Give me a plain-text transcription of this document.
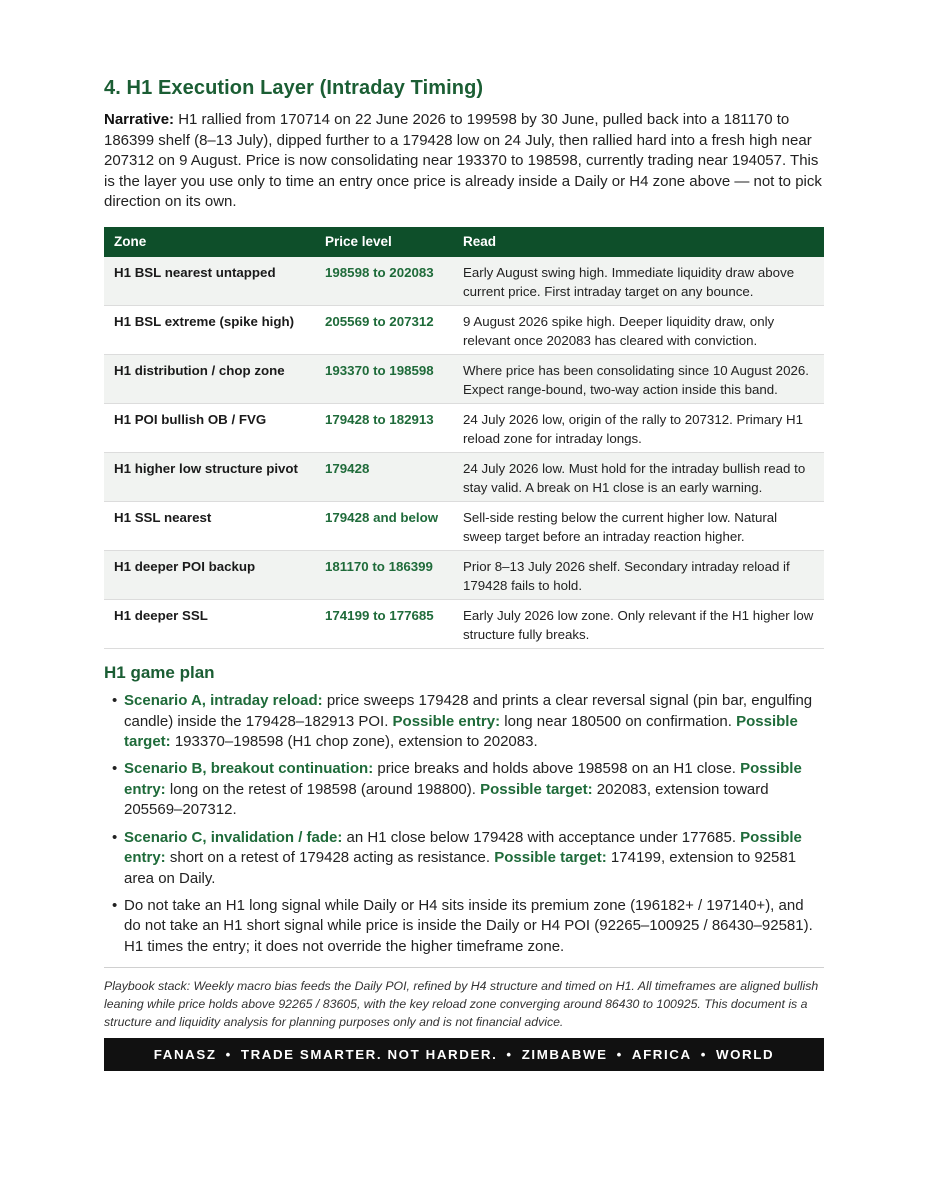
4. H1 Execution Layer (Intraday Timing)

Narrative: H1 rallied from 170714 on 22 June 2026 to 199598 by 30 June, pulled back into a 181170 to 186399 shelf (8–13 July), dipped further to a 179428 low on 24 July, then rallied hard into a fresh high near 207312 on 9 August. Price is now consolidating near 193370 to 198598, currently trading near 194057. This is the layer you use only to time an entry once price is already inside a Daily or H4 zone above — not to pick direction on its own.

Zone	Price level	Read
H1 BSL nearest untapped	198598 to 202083	Early August swing high. Immediate liquidity draw above current price. First intraday target on any bounce.
H1 BSL extreme (spike high)	205569 to 207312	9 August 2026 spike high. Deeper liquidity draw, only relevant once 202083 has cleared with conviction.
H1 distribution / chop zone	193370 to 198598	Where price has been consolidating since 10 August 2026. Expect range-bound, two-way action inside this band.
H1 POI bullish OB / FVG	179428 to 182913	24 July 2026 low, origin of the rally to 207312. Primary H1 reload zone for intraday longs.
H1 higher low structure pivot	179428	24 July 2026 low. Must hold for the intraday bullish read to stay valid. A break on H1 close is an early warning.
H1 SSL nearest	179428 and below	Sell-side resting below the current higher low. Natural sweep target before an intraday reaction higher.
H1 deeper POI backup	181170 to 186399	Prior 8–13 July 2026 shelf. Secondary intraday reload if 179428 fails to hold.
H1 deeper SSL	174199 to 177685	Early July 2026 low zone. Only relevant if the H1 higher low structure fully breaks.
H1 game plan
• Scenario A, intraday reload: price sweeps 179428 and prints a clear reversal signal (pin bar, engulfing candle) inside the 179428–182913 POI. Possible entry: long near 180500 on confirmation. Possible target: 193370–198598 (H1 chop zone), extension to 202083.
• Scenario B, breakout continuation: price breaks and holds above 198598 on an H1 close. Possible entry: long on the retest of 198598 (around 198800). Possible target: 202083, extension toward 205569–207312.
• Scenario C, invalidation / fade: an H1 close below 179428 with acceptance under 177685. Possible entry: short on a retest of 179428 acting as resistance. Possible target: 174199, extension to 92581 area on Daily.
• Do not take an H1 long signal while Daily or H4 sits inside its premium zone (196182+ / 197140+), and do not take an H1 short signal while price is inside the Daily or H4 POI (92265–100925 / 86430–92581). H1 times the entry; it does not override the higher timeframe zone.

Playbook stack: Weekly macro bias feeds the Daily POI, refined by H4 structure and timed on H1. All timeframes are aligned bullish leaning while price holds above 92265 / 83605, with the key reload zone converging around 86430 to 100925. This document is a structure and liquidity analysis for planning purposes only and is not financial advice.

FANASZ • TRADE SMARTER. NOT HARDER. • ZIMBABWE • AFRICA • WORLD
